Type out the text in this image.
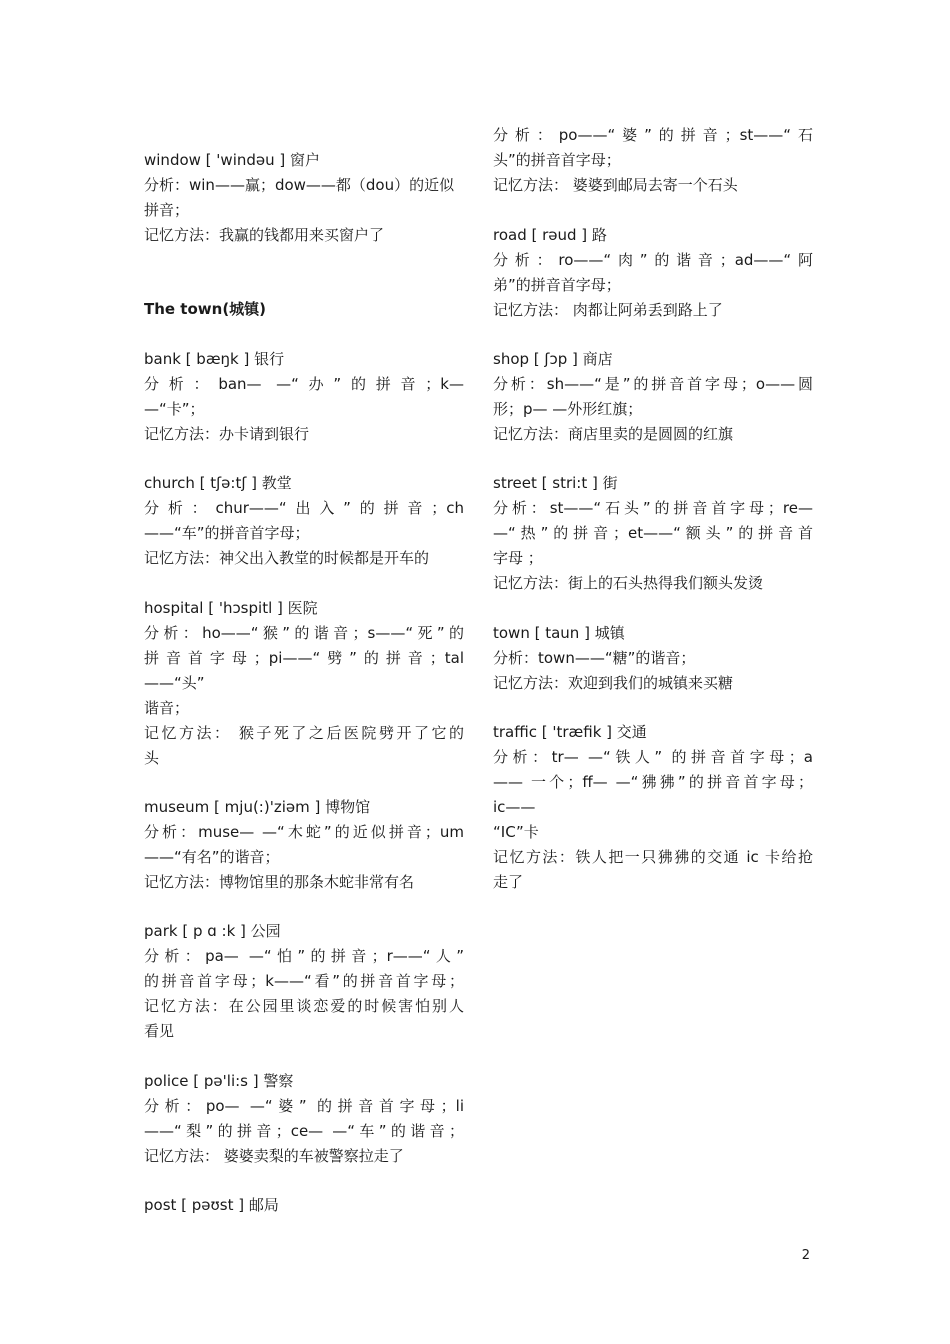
window [ 'windəu ] 窗户
分析：win——赢；dow——都（dou）的近似
拼音；
记忆方法：我赢的钱都用来买窗户了
The town(城镇)
bank [ bæŋk ] 银行
分析：ban— —“办”的拼音；k—
—“卡”；
记忆方法：办卡请到银行
church [ tʃə:tʃ ] 教堂
分析：chur——“出入”的拼音；ch
——“车”的拼音首字母；
记忆方法：神父出入教堂的时候都是开车的
hospital [ 'hɔspitl ] 医院
分析：ho——“猴”的谐音；s——“死”的
拼音首字母；pi——“劈”的拼音；tal
——“头”
谐音；
记忆方法： 猴子死了之后医院劈开了它的
头
museum [ mju(:)'ziəm ] 博物馆
分析：muse— —“木蛇”的近似拼音；um
——“有名”的谐音；
记忆方法：博物馆里的那条木蛇非常有名
park [ p ɑ :k ] 公园
分析：pa— —“怕”的拼音；r——“人”
的拼音首字母；k——“看”的拼音首字母；
记忆方法：在公园里谈恋爱的时候害怕别人
看见
police [ pə'li:s ] 警察
分析：po— —“婆” 的拼音首字母；li
——“梨”的拼音；ce— —“车”的谐音；
记忆方法： 婆婆卖梨的车被警察拉走了
post [ pəʊst ] 邮局
分析：po——“婆”的拼音；st——“石
头”的拼音首字母；
记忆方法： 婆婆到邮局去寄一个石头
road [ rəud ] 路
分析：ro——“肉”的谐音；ad——“阿
弟”的拼音首字母；
记忆方法： 肉都让阿弟丢到路上了
shop [ ʃɔp ] 商店
分析：sh——“是”的拼音首字母；o——圆
形；p— —外形红旗；
记忆方法：商店里卖的是圆圆的红旗
street [ stri:t ] 街
分析：st——“石头”的拼音首字母；re—
—“热”的拼音；et——“额头”的拼音首
字母 ；
记忆方法：街上的石头热得我们额头发烫
town [ taun ] 城镇
分析：town——“糖”的谐音；
记忆方法：欢迎到我们的城镇来买糖
traffic [ 'træfik ] 交通
分析：tr— —“铁人” 的拼音首字母；a
—— 一个；ff— —“狒狒”的拼音首字母；
ic——
“IC”卡
记忆方法：铁人把一只狒狒的交通 ic 卡给抢
走了
2
